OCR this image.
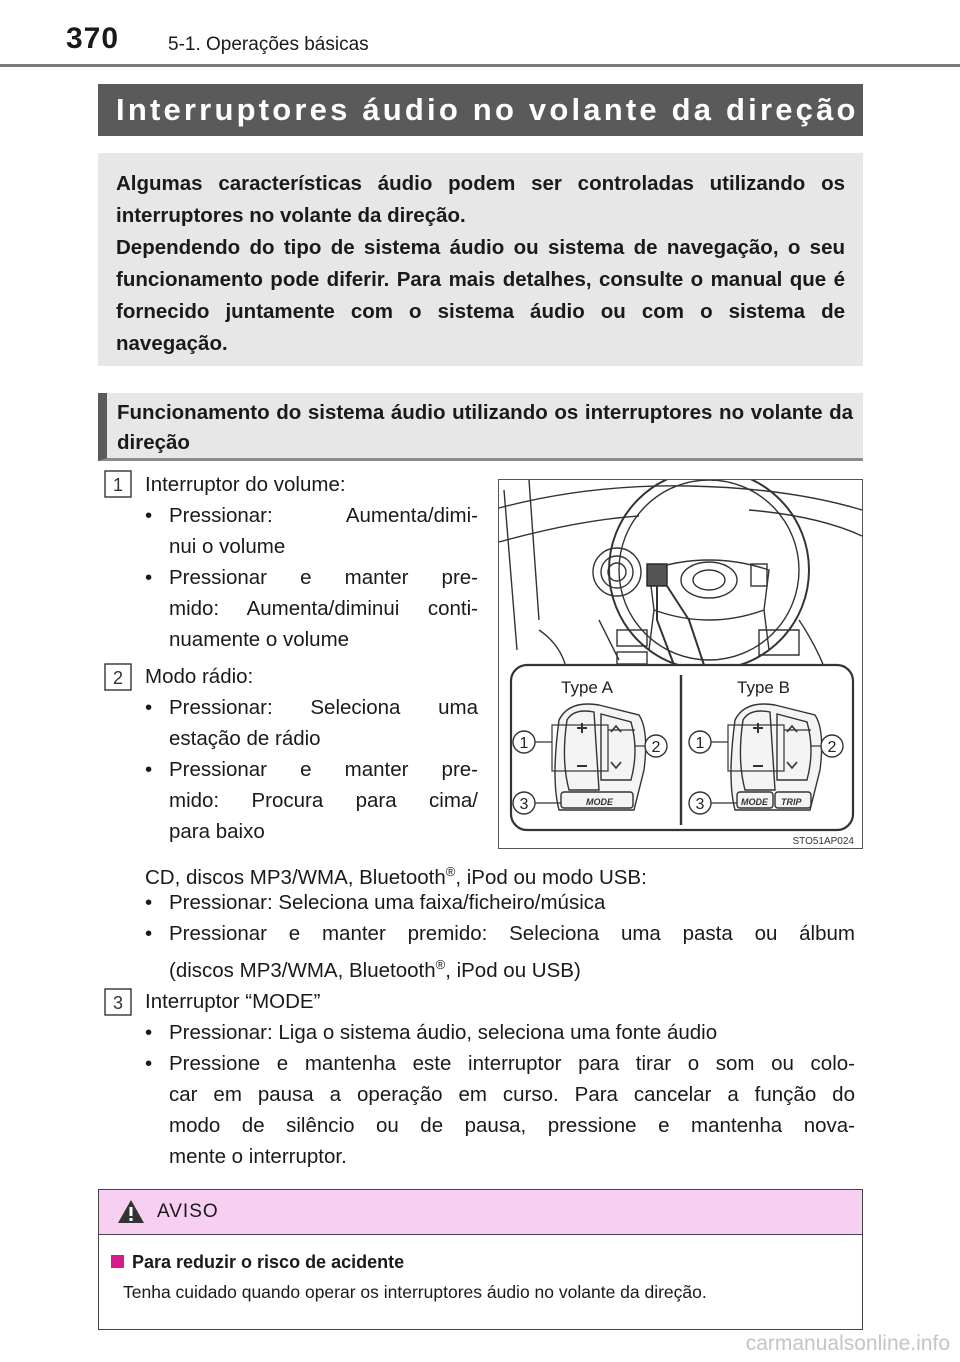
370	5-1. Operações básicas
Interruptores áudio no volante da direção

Algumas características áudio podem ser controladas utilizando os interruptores no volante da direção.

Dependendo do tipo de sistema áudio ou sistema de navegação, o seu funcionamento pode diferir. Para mais detalhes, consulte o manual que é fornecido juntamente com o sistema áudio ou com o sistema de navegação.

Funcionamento do sistema áudio utilizando os interruptores no volante da direção
1 Interruptor do volume:
• Pressionar: Aumenta/dimi-
nui o volume
• Pressionar e manter pre-
mido: Aumenta/diminui conti-
nuamente o volume
2 Modo rádio:
• Pressionar: Seleciona uma
estação de rádio
• Pressionar e manter pre-
mido: Procura para cima/
para baixo
CD, discos MP3/WMA, Bluetooth®, iPod ou modo USB:
• Pressionar: Seleciona uma faixa/ficheiro/música
• Pressionar e manter premido: Seleciona uma pasta ou álbum
(discos MP3/WMA, Bluetooth®, iPod ou USB)
3 Interruptor “MODE”
• Pressionar: Liga o sistema áudio, seleciona uma fonte áudio
• Pressione e mantenha este interruptor para tirar o som ou colo-
car em pausa a operação em curso. Para cancelar a função do
modo de silêncio ou de pausa, pressione e mantenha nova-
mente o interruptor.
Type A	Type B
MODE
1	2
3	MODE TRIP
1	2
3
STO51AP024
AVISO
Para reduzir o risco de acidente
Tenha cuidado quando operar os interruptores áudio no volante da direção.
carmanualsonline.info
